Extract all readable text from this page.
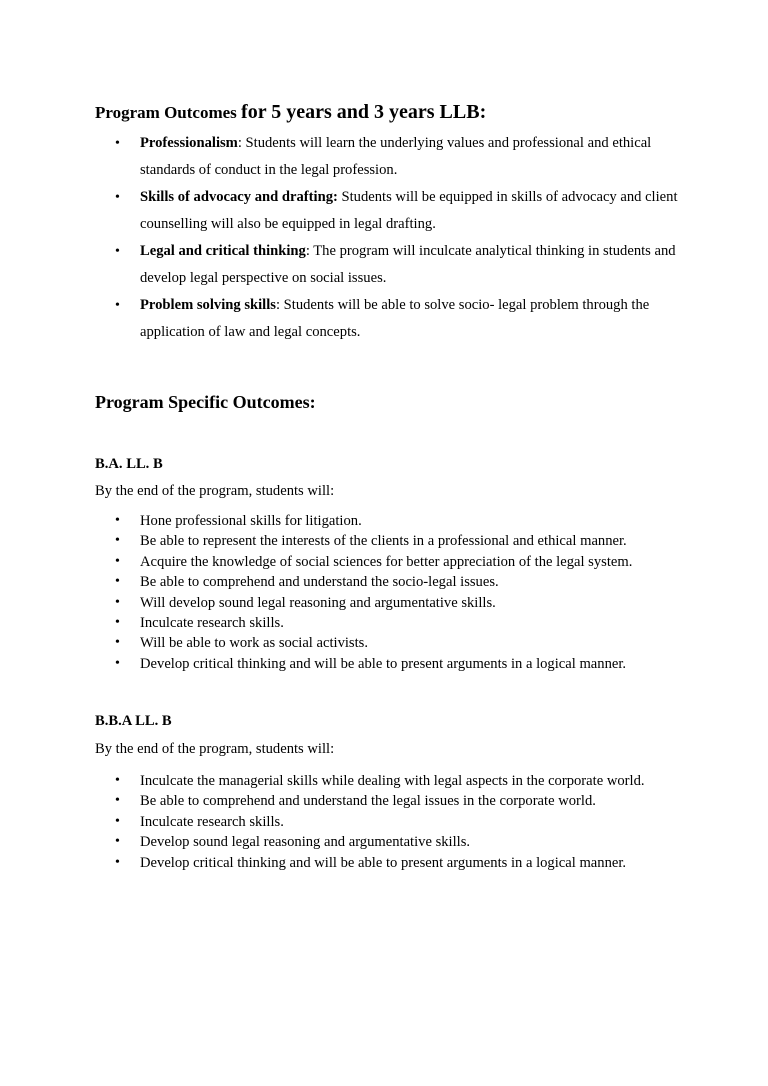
Program Outcomes for 5 years and 3 years LLB:
• Professionalism: Students will learn the underlying values and professional and ethical standards of conduct in the legal profession.
• Skills of advocacy and drafting: Students will be equipped in skills of advocacy and client counselling will also be equipped in legal drafting.
• Legal and critical thinking: The program will inculcate analytical thinking in students and develop legal perspective on social issues.
• Problem solving skills: Students will be able to solve socio- legal problem through the application of law and legal concepts.
Program Specific Outcomes:
B.A. LL. B

By the end of the program, students will:

• Hone professional skills for litigation.
• Be able to represent the interests of the clients in a professional and ethical manner.
• Acquire the knowledge of social sciences for better appreciation of the legal system.
• Be able to comprehend and understand the socio-legal issues.
• Will develop sound legal reasoning and argumentative skills.
• Inculcate research skills.
• Will be able to work as social activists.
• Develop critical thinking and will be able to present arguments in a logical manner.
B.B.A LL. B

By the end of the program, students will:

• Inculcate the managerial skills while dealing with legal aspects in the corporate world.
• Be able to comprehend and understand the legal issues in the corporate world.
• Inculcate research skills.
• Develop sound legal reasoning and argumentative skills.
• Develop critical thinking and will be able to present arguments in a logical manner.
